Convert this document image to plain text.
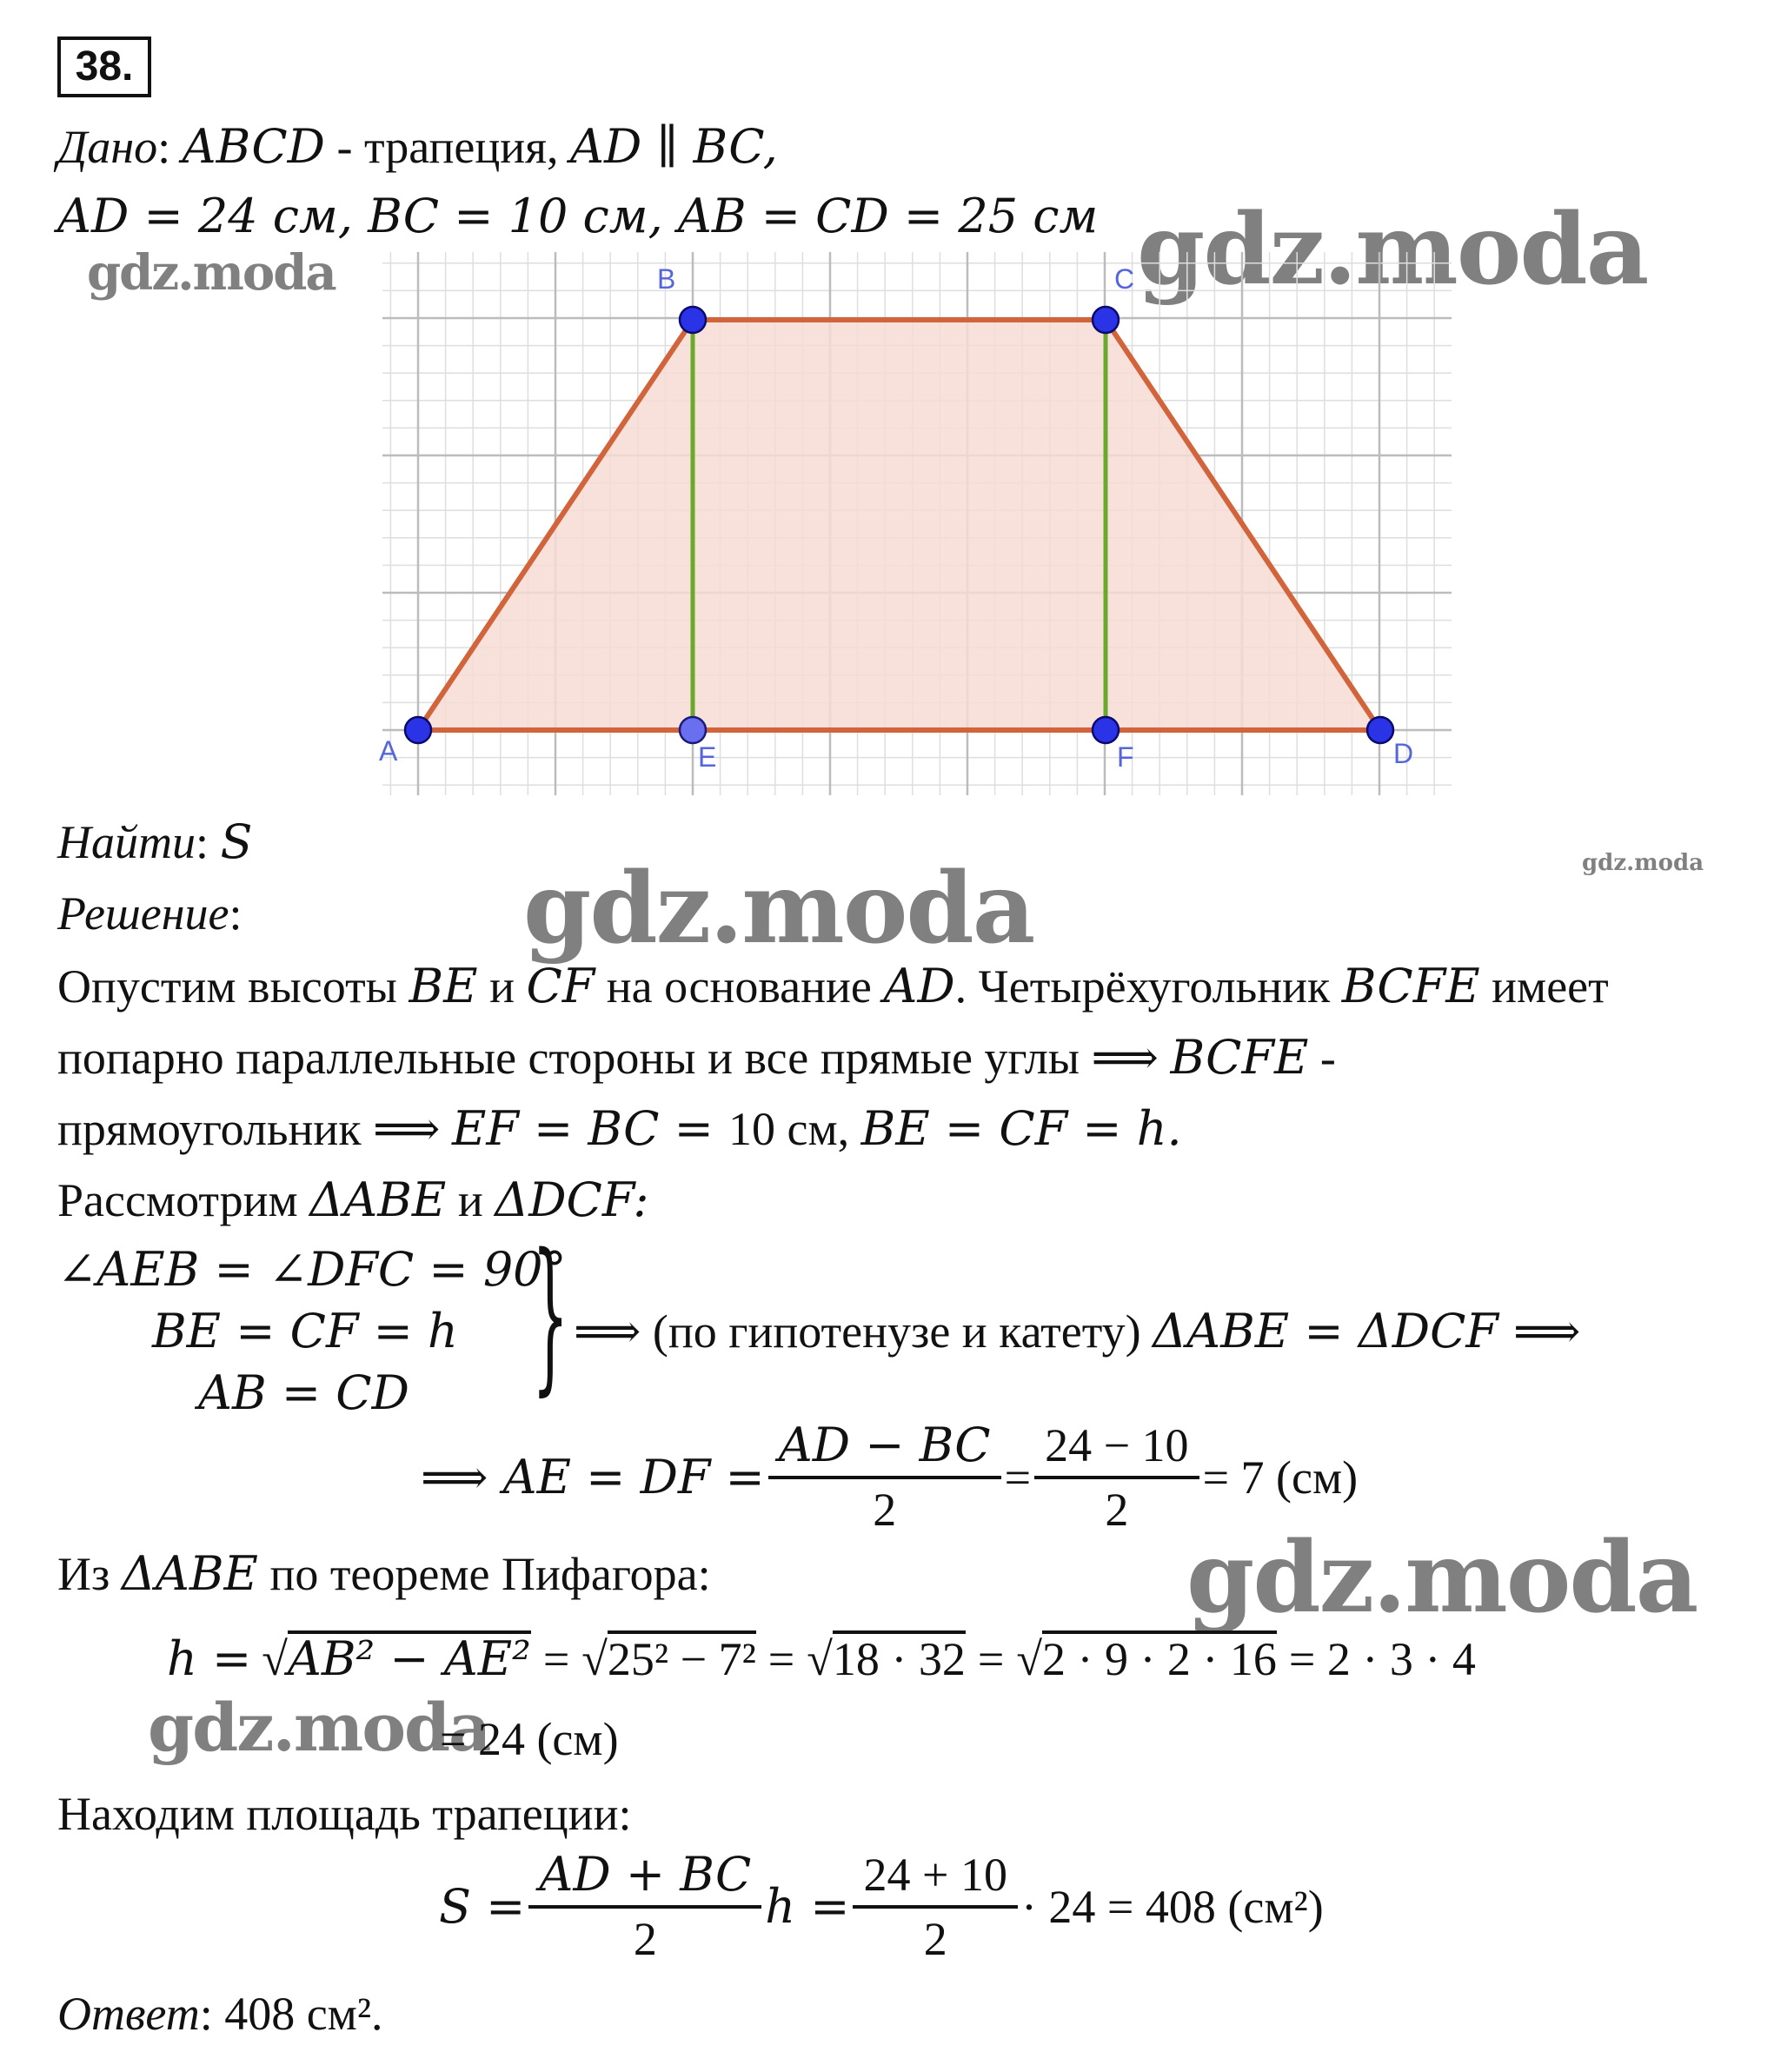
38.
Дано: ABCD - трапеция, AD ∥ BC,
AD = 24 см, BC = 10 см, AB = CD = 25 см
gdz.moda	gdz.moda
gdz.moda
gdz.moda
gdz.moda
gdz.moda
A
B	C
D
E	F
Найти: S
Решение:
Опустим высоты BE и CF на основание AD. Четырёхугольник BCFE имеет
попарно параллельные стороны и все прямые углы ⟹ BCFE -
прямоугольник ⟹ EF = BC = 10 см, BE = CF = h.
Рассмотрим ΔABE и ΔDCF:
∠AEB = ∠DFC = 90°
BE = CF = h
AB = CD } ⟹ (по гипотенузе и катету) ΔABE = ΔDCF ⟹
⟹ AE = DF = $\frac{AD - BC}{2} = \frac{24 - 10}{2} = 7$ (см)
Из ΔABE по теореме Пифагора:
h = √ AB² − AE² = √ 25² − 7² = √ 18 · 32 = √ 2 · 9 · 2 · 16 = 2 · 3 · 4
= 24 (см)
Находим площадь трапеции:
$S = \frac{AD + BC}{2}$ $h = \frac{24 + 10}{2} \cdot 24 = 408$ (см²)
Ответ: 408 см².
